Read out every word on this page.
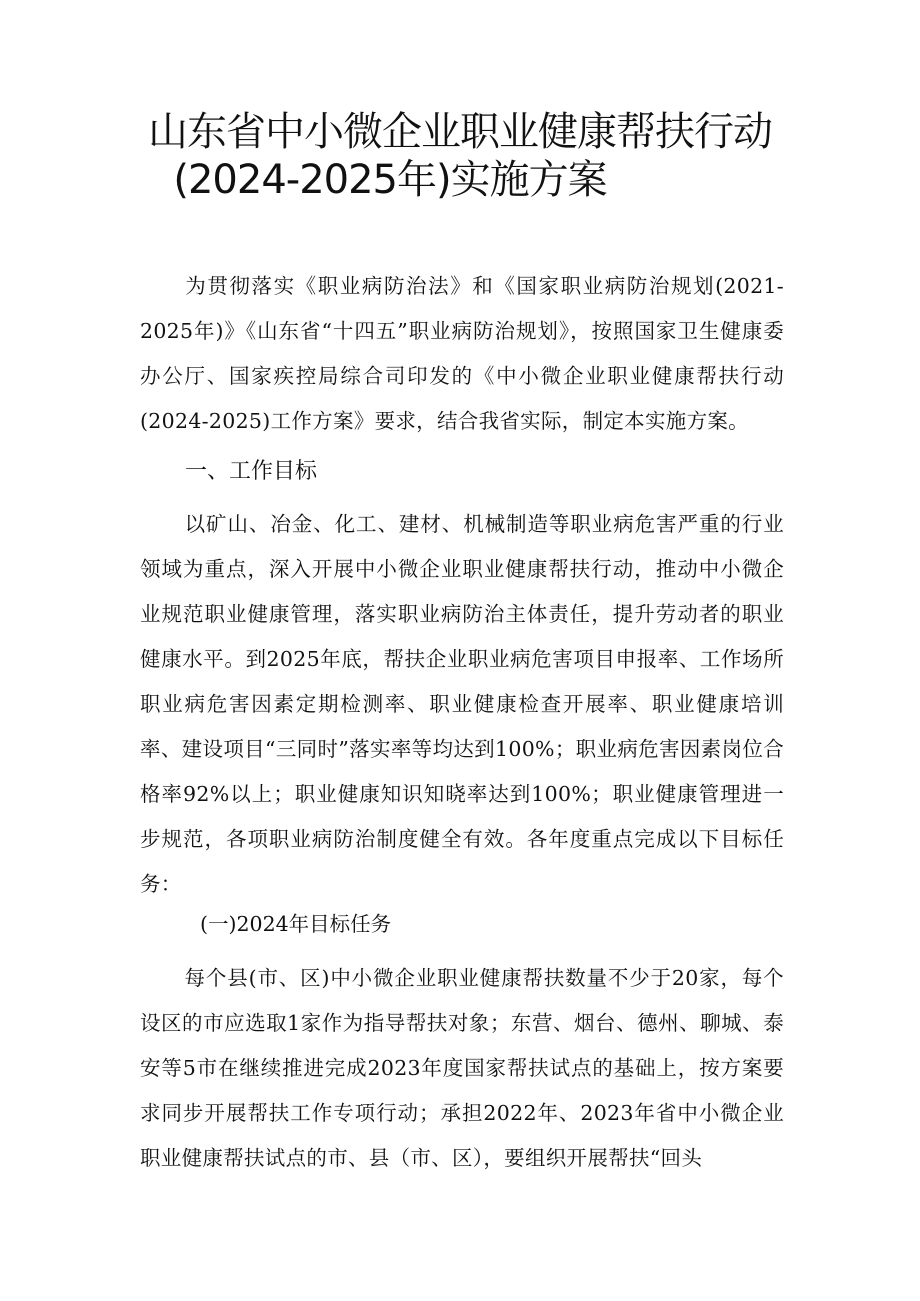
山东省中小微企业职业健康帮扶行动
(2024-2025年)实施方案

为贯彻落实《职业病防治法》和《国家职业病防治规划(2021-2025年)》《山东省“十四五”职业病防治规划》，按照国家卫生健康委办公厅、国家疾控局综合司印发的《中小微企业职业健康帮扶行动(2024-2025)工作方案》要求，结合我省实际，制定本实施方案。

一、工作目标

以矿山、冶金、化工、建材、机械制造等职业病危害严重的行业领域为重点，深入开展中小微企业职业健康帮扶行动，推动中小微企业规范职业健康管理，落实职业病防治主体责任，提升劳动者的职业健康水平。到2025年底，帮扶企业职业病危害项目申报率、工作场所职业病危害因素定期检测率、职业健康检查开展率、职业健康培训率、建设项目“三同时”落实率等均达到100%；职业病危害因素岗位合格率92%以上；职业健康知识知晓率达到100%；职业健康管理进一步规范，各项职业病防治制度健全有效。各年度重点完成以下目标任务：

(一)2024年目标任务

每个县(市、区)中小微企业职业健康帮扶数量不少于20家，每个设区的市应选取1家作为指导帮扶对象；东营、烟台、德州、聊城、泰安等5市在继续推进完成2023年度国家帮扶试点的基础上，按方案要求同步开展帮扶工作专项行动；承担2022年、2023年省中小微企业职业健康帮扶试点的市、县（市、区），要组织开展帮扶“回头
